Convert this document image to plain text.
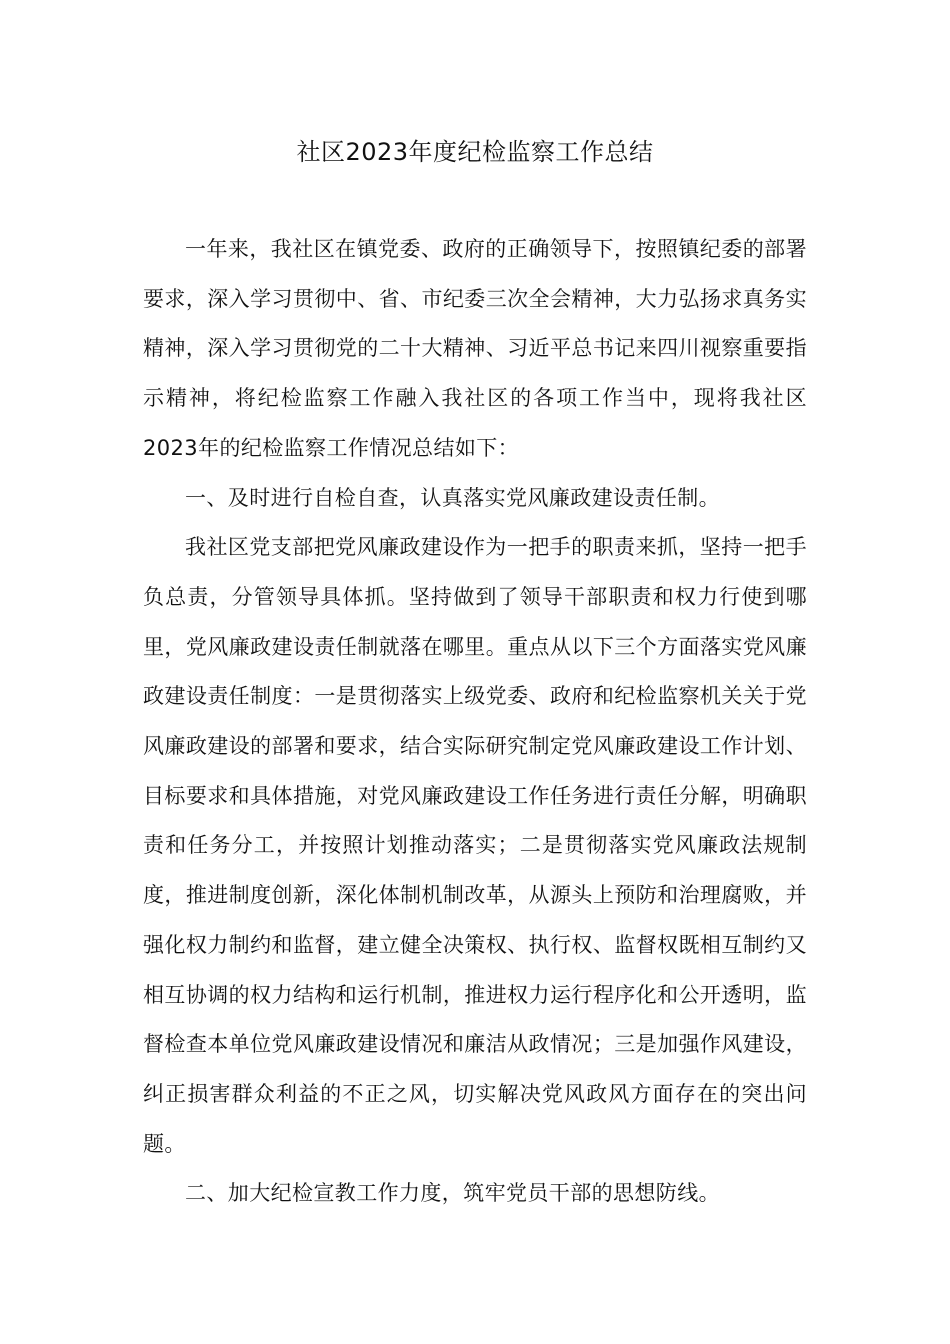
社区2023年度纪检监察工作总结

一年来，我社区在镇党委、政府的正确领导下，按照镇纪委的部署要求，深入学习贯彻中、省、市纪委三次全会精神，大力弘扬求真务实精神，深入学习贯彻党的二十大精神、习近平总书记来四川视察重要指示精神，将纪检监察工作融入我社区的各项工作当中，现将我社区2023年的纪检监察工作情况总结如下：

一、及时进行自检自查，认真落实党风廉政建设责任制。

我社区党支部把党风廉政建设作为一把手的职责来抓，坚持一把手负总责，分管领导具体抓。坚持做到了领导干部职责和权力行使到哪里，党风廉政建设责任制就落在哪里。重点从以下三个方面落实党风廉政建设责任制度：一是贯彻落实上级党委、政府和纪检监察机关关于党风廉政建设的部署和要求，结合实际研究制定党风廉政建设工作计划、目标要求和具体措施，对党风廉政建设工作任务进行责任分解，明确职责和任务分工，并按照计划推动落实；二是贯彻落实党风廉政法规制度，推进制度创新，深化体制机制改革，从源头上预防和治理腐败，并强化权力制约和监督，建立健全决策权、执行权、监督权既相互制约又相互协调的权力结构和运行机制，推进权力运行程序化和公开透明，监督检查本单位党风廉政建设情况和廉洁从政情况；三是加强作风建设，纠正损害群众利益的不正之风，切实解决党风政风方面存在的突出问题。

二、加大纪检宣教工作力度，筑牢党员干部的思想防线。
